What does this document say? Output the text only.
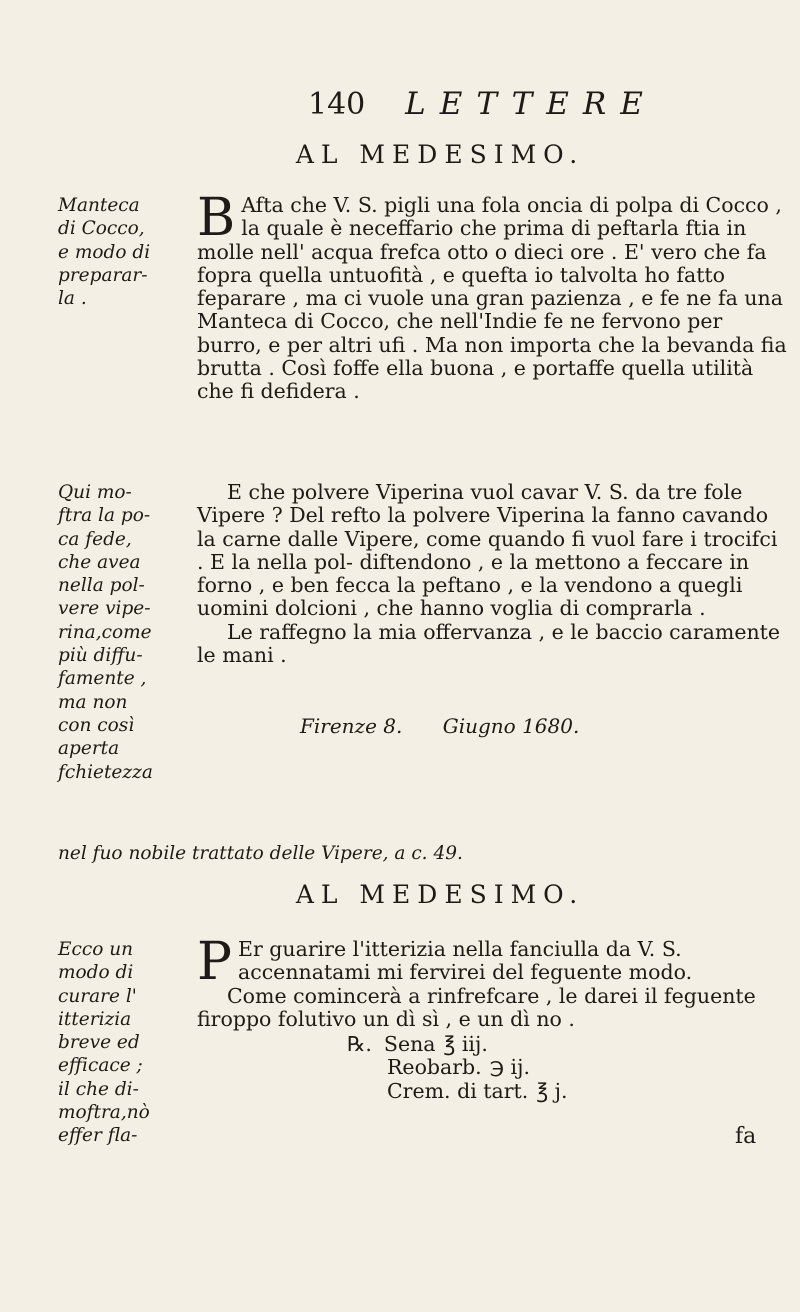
140 LETTERE
AL MEDESIMO.
Manteca
di Cocco,
e modo di
preparar-
la .

B Afta che V. S. pigli una fola oncia di polpa di Cocco , la quale è neceffario che prima di peftarla ftia in molle nell' acqua frefca otto o dieci ore . E' vero che fa fopra quella untuofità , e quefta io talvolta ho fatto feparare , ma ci vuole una gran pazienza , e fe ne fa una Manteca di Cocco, che nell'Indie fe ne fervono per burro, e per altri ufi . Ma non importa che la bevanda fia brutta . Così foffe ella buona , e portaffe quella utilità che fi defidera .

Qui mo-
ftra la po-
ca fede,
che avea
nella pol-
vere vipe-
rina,come
più diffu-
famente ,
ma non
con così
aperta
fchietezza

E che polvere Viperina vuol cavar V. S. da tre fole Vipere ? Del refto la polvere Viperina la fanno cavando la carne dalle Vipere, come quando fi vuol fare i trocifci . E la nella pol- diftendono , e la mettono a feccare in forno , e ben fecca la peftano , e la vendono a quegli uomini dolcioni , che hanno voglia di comprarla .

Le raffegno la mia offervanza , e le baccio caramente le mani .

Firenze 8. Giugno 1680.
nel fuo nobile trattato delle Vipere, a c. 49.
AL MEDESIMO.
Ecco un
modo di
curare l'
itterizia
breve ed
efficace ;
il che di-
moftra,nò
effer fla-

P Er guarire l'itterizia nella fanciulla da V. S. accennatami mi fervirei del feguente modo.

Come comincerà a rinfrefcare , le darei il feguente firoppo folutivo un dì sì , e un dì no .

℞. Sena ℥ iij.
Reobarb. ℈ ij.
Crem. di tart. ℥ j.
fa
